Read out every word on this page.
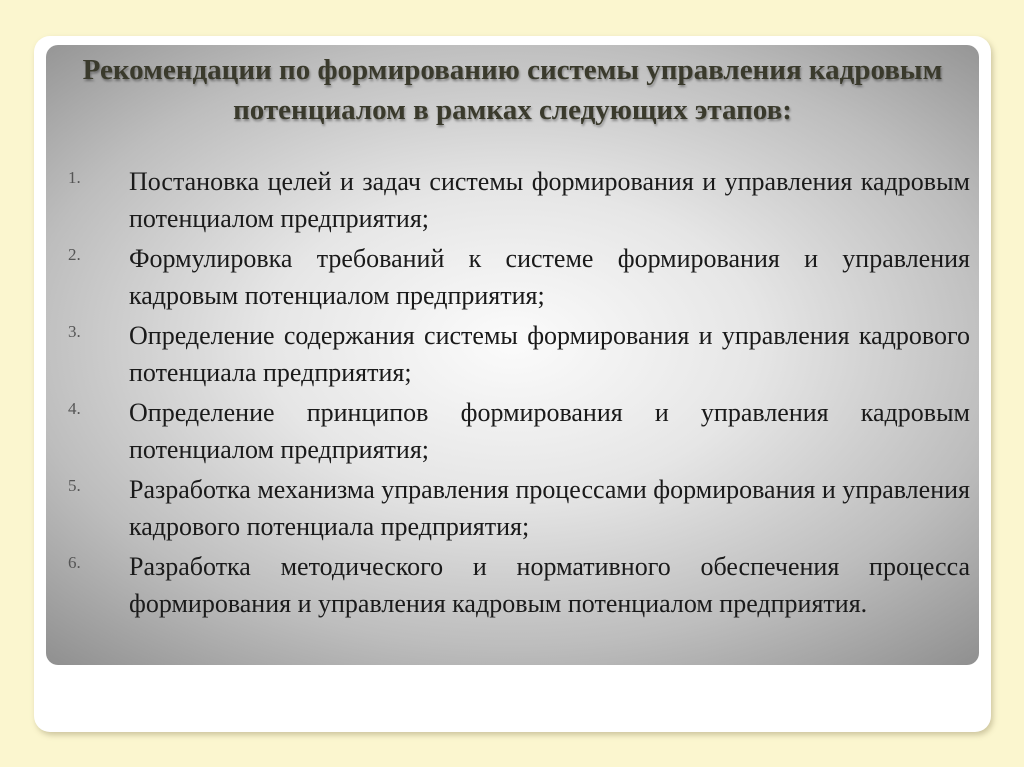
Рекомендации по формированию системы управления кадровым потенциалом в рамках следующих этапов:
1. Постановка целей и задач системы формирования и управления кадровым потенциалом предприятия;
2. Формулировка требований к системе формирования и управления кадровым потенциалом предприятия;
3. Определение содержания системы формирования и управления кадрового потенциала предприятия;
4. Определение принципов формирования и управления кадровым потенциалом предприятия;
5. Разработка механизма управления процессами формирования и управления кадрового потенциала предприятия;
6. Разработка методического и нормативного обеспечения процесса формирования и управления кадровым потенциалом предприятия.
